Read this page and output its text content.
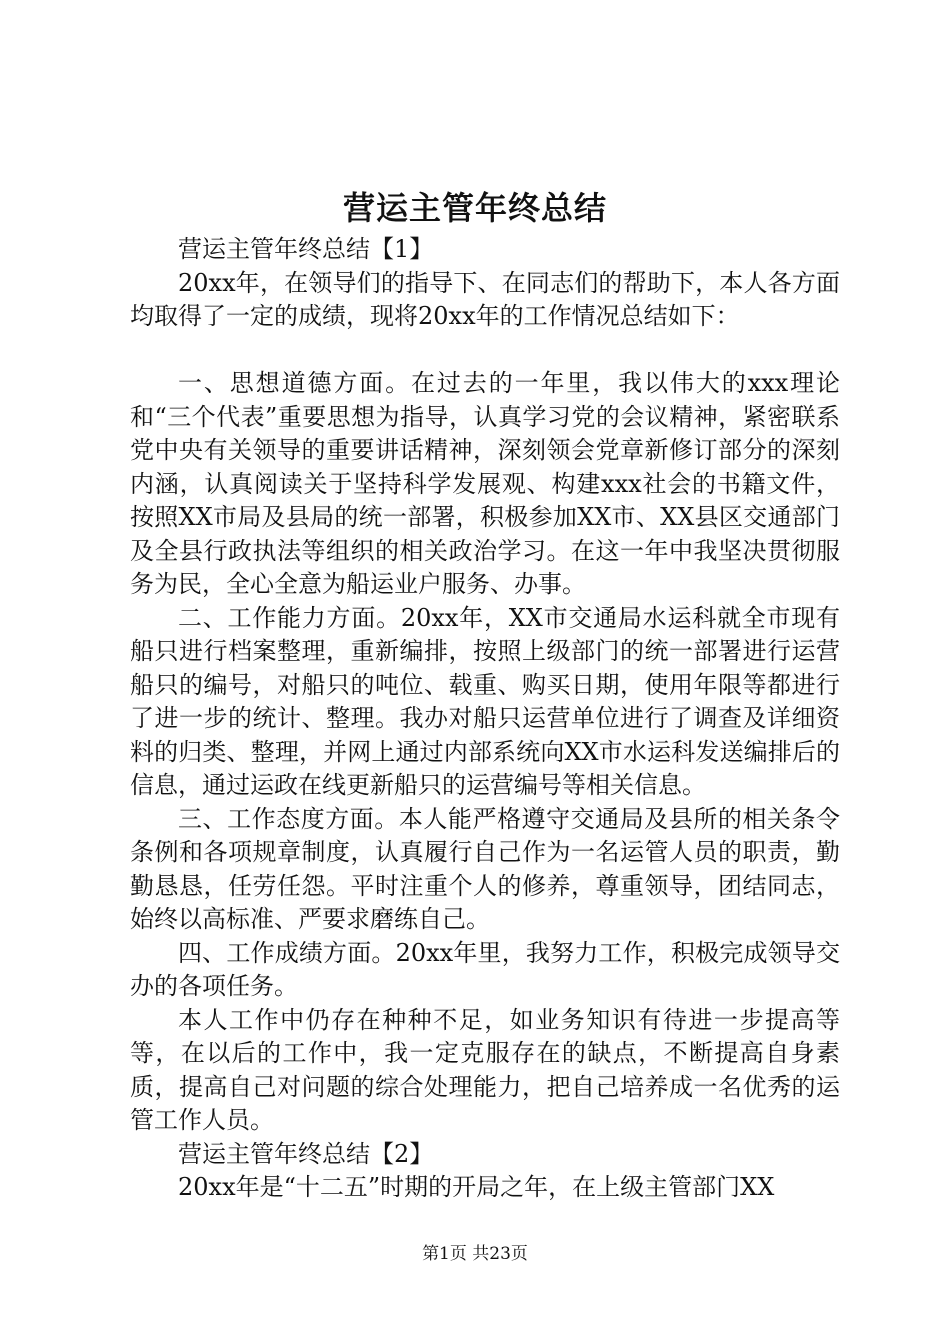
营运主管年终总结

营运主管年终总结【1】

20xx年，在领导们的指导下、在同志们的帮助下，本人各方面均取得了一定的成绩，现将20xx年的工作情况总结如下：

一、思想道德方面。在过去的一年里，我以伟大的xxx理论和“三个代表”重要思想为指导，认真学习党的会议精神，紧密联系党中央有关领导的重要讲话精神，深刻领会党章新修订部分的深刻内涵，认真阅读关于坚持科学发展观、构建xxx社会的书籍文件，按照XX市局及县局的统一部署，积极参加XX市、XX县区交通部门及全县行政执法等组织的相关政治学习。在这一年中我坚决贯彻服务为民，全心全意为船运业户服务、办事。

二、工作能力方面。20xx年，XX市交通局水运科就全市现有船只进行档案整理，重新编排，按照上级部门的统一部署进行运营船只的编号，对船只的吨位、载重、购买日期，使用年限等都进行了进一步的统计、整理。我办对船只运营单位进行了调查及详细资料的归类、整理，并网上通过内部系统向XX市水运科发送编排后的信息，通过运政在线更新船只的运营编号等相关信息。

三、工作态度方面。本人能严格遵守交通局及县所的相关条令条例和各项规章制度，认真履行自己作为一名运管人员的职责，勤勤恳恳，任劳任怨。平时注重个人的修养，尊重领导，团结同志，始终以高标准、严要求磨练自己。

四、工作成绩方面。20xx年里，我努力工作，积极完成领导交办的各项任务。

本人工作中仍存在种种不足，如业务知识有待进一步提高等等，在以后的工作中，我一定克服存在的缺点，不断提高自身素质，提高自己对问题的综合处理能力，把自己培养成一名优秀的运管工作人员。

营运主管年终总结【2】

20xx年是“十二五”时期的开局之年，在上级主管部门XX

第1页 共23页
